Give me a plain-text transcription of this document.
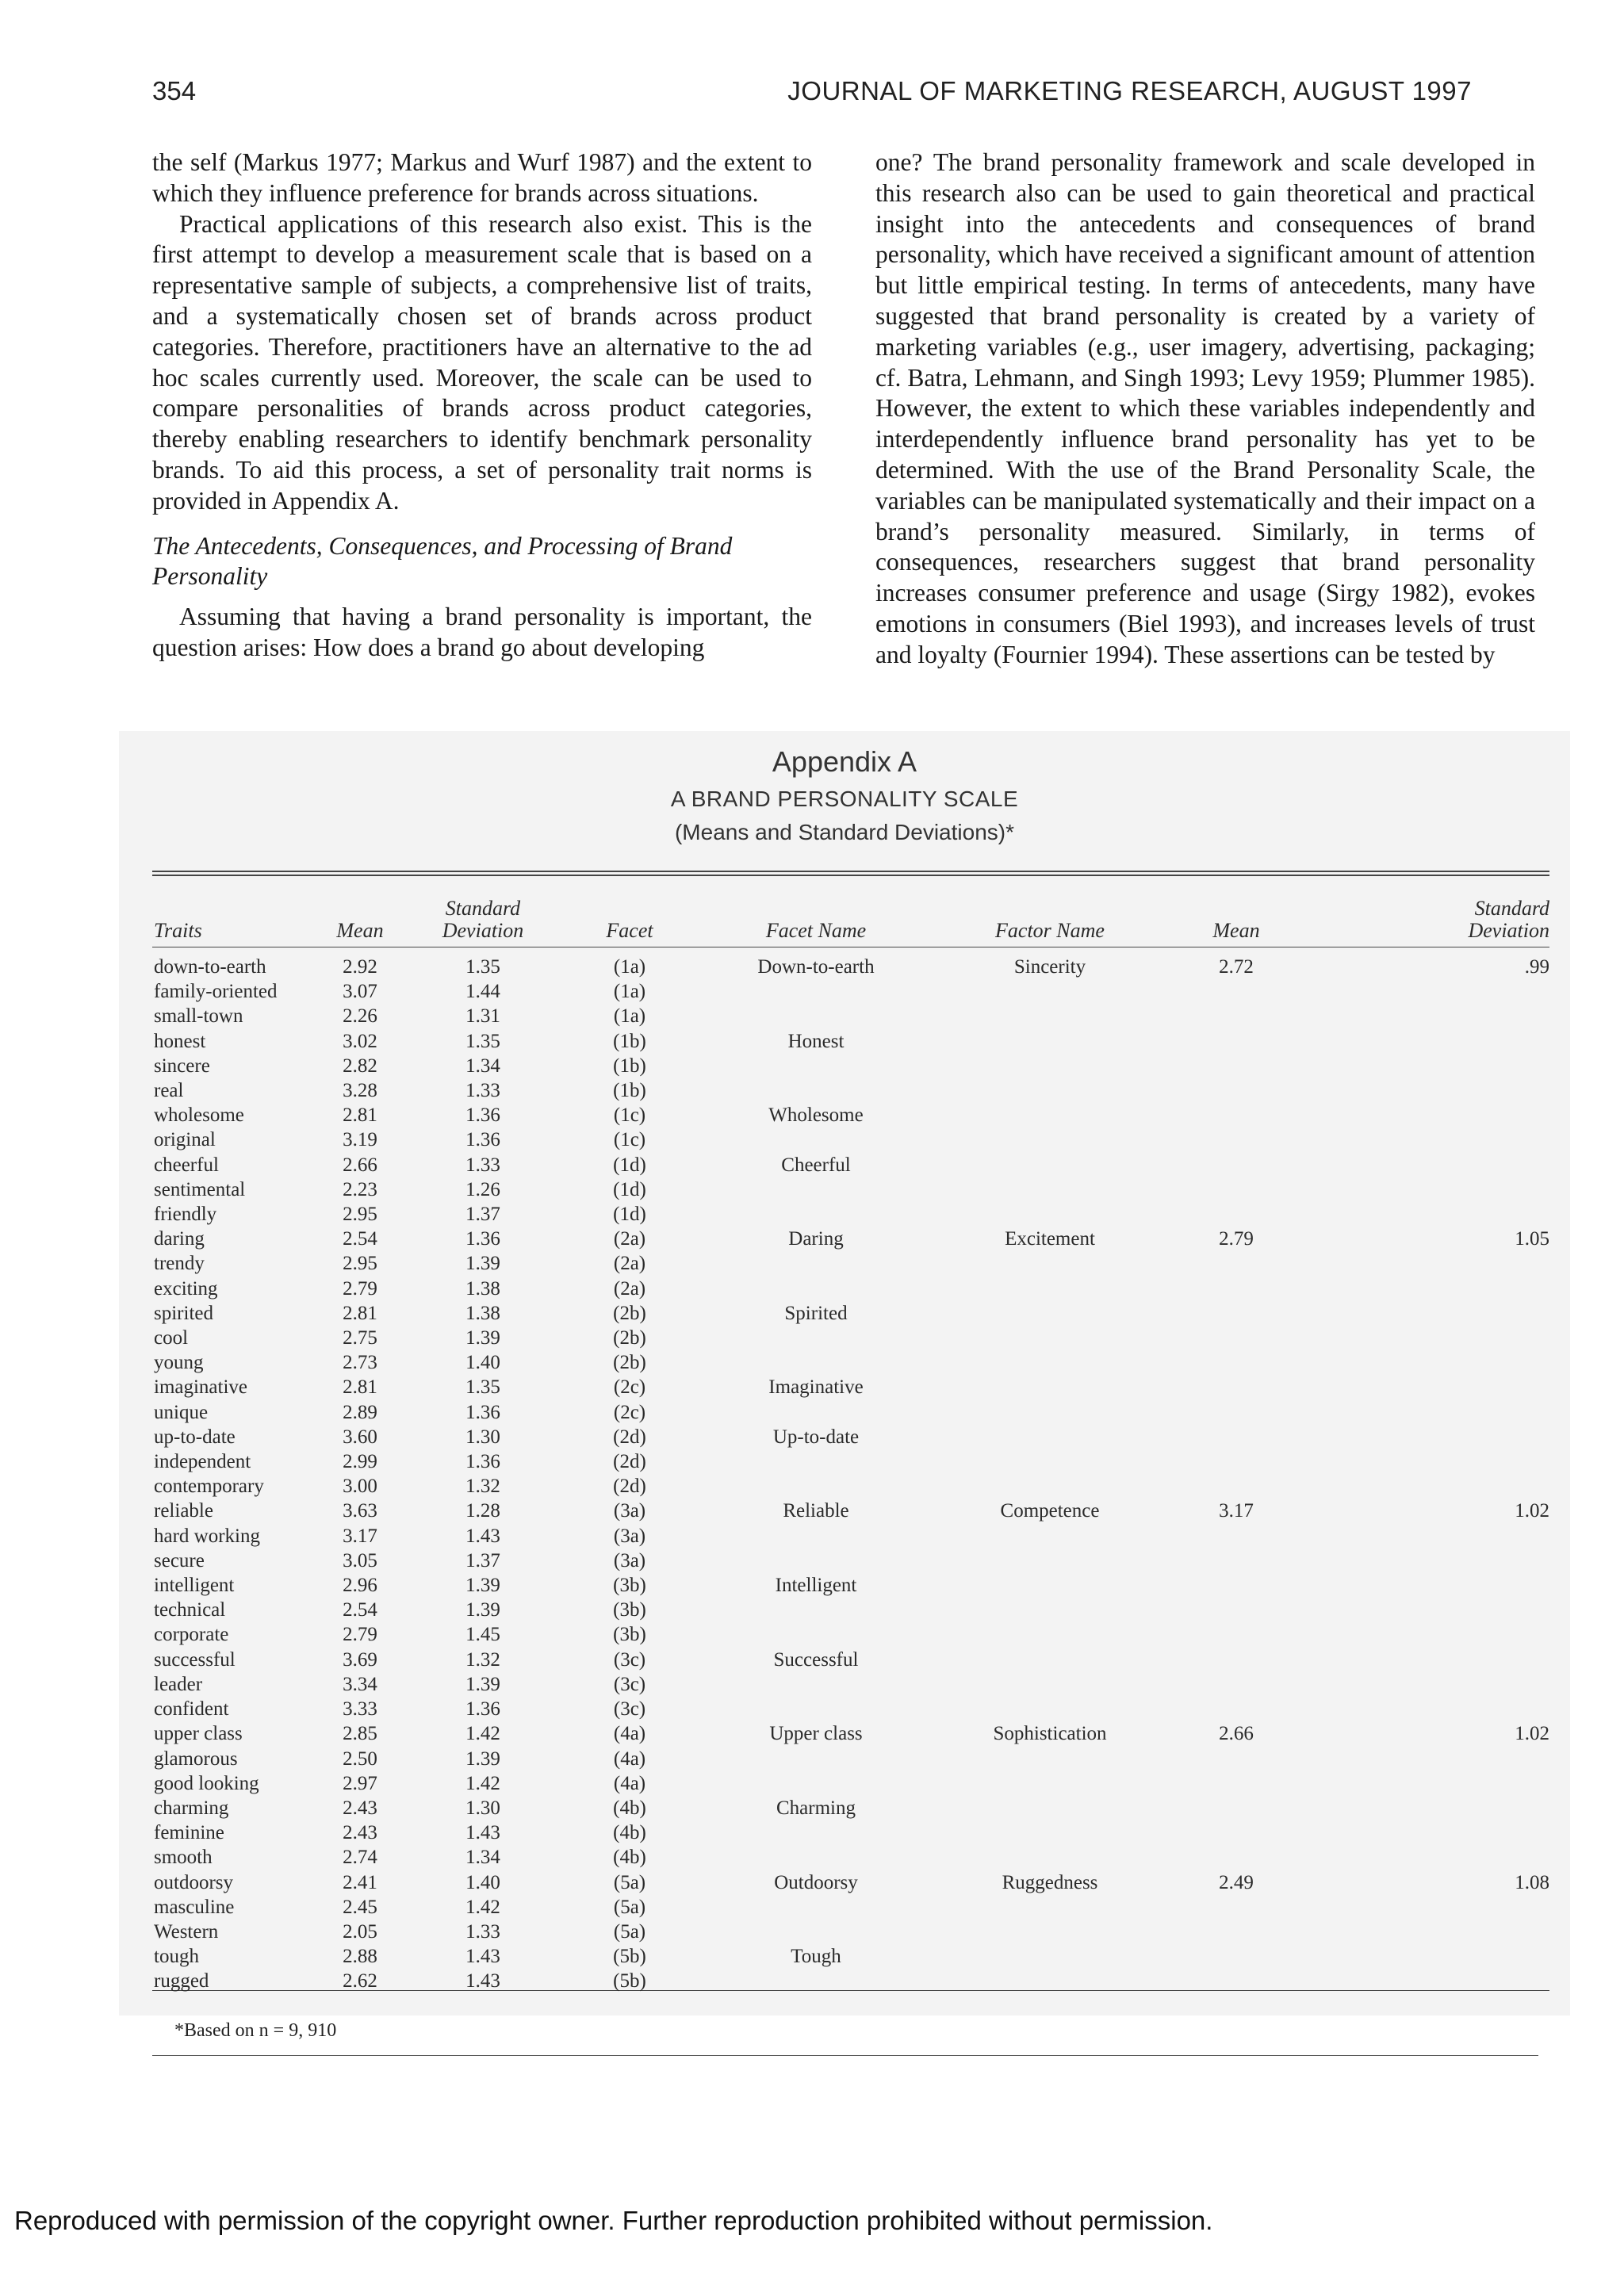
354	JOURNAL OF MARKETING RESEARCH, AUGUST 1997

the self (Markus 1977; Markus and Wurf 1987) and the extent to which they influence preference for brands across situations.

Practical applications of this research also exist. This is the first attempt to develop a measurement scale that is based on a representative sample of subjects, a comprehensive list of traits, and a systematically chosen set of brands across product categories. Therefore, practitioners have an alternative to the ad hoc scales currently used. Moreover, the scale can be used to compare personalities of brands across product categories, thereby enabling researchers to identify benchmark personality brands. To aid this process, a set of personality trait norms is provided in Appendix A.

The Antecedents, Consequences, and Processing of Brand Personality

Assuming that having a brand personality is important, the question arises: How does a brand go about developing

one? The brand personality framework and scale developed in this research also can be used to gain theoretical and practical insight into the antecedents and consequences of brand personality, which have received a significant amount of attention but little empirical testing. In terms of antecedents, many have suggested that brand personality is created by a variety of marketing variables (e.g., user imagery, advertising, packaging; cf. Batra, Lehmann, and Singh 1993; Levy 1959; Plummer 1985). However, the extent to which these variables independently and interdependently influence brand personality has yet to be determined. With the use of the Brand Personality Scale, the variables can be manipulated systematically and their impact on a brand’s personality measured. Similarly, in terms of consequences, researchers suggest that brand personality increases consumer preference and usage (Sirgy 1982), evokes emotions in consumers (Biel 1993), and increases levels of trust and loyalty (Fournier 1994). These assertions can be tested by

Appendix A
A BRAND PERSONALITY SCALE
(Means and Standard Deviations)*
Traits	Mean	Standard Deviation	Facet	Facet Name	Factor Name	Mean	Standard Deviation
down-to-earth	2.92	1.35	(1a)	Down-to-earth	Sincerity	2.72	.99
family-oriented	3.07	1.44	(1a)				
small-town	2.26	1.31	(1a)				
honest	3.02	1.35	(1b)	Honest			
sincere	2.82	1.34	(1b)				
real	3.28	1.33	(1b)				
wholesome	2.81	1.36	(1c)	Wholesome			
original	3.19	1.36	(1c)				
cheerful	2.66	1.33	(1d)	Cheerful			
sentimental	2.23	1.26	(1d)				
friendly	2.95	1.37	(1d)				
daring	2.54	1.36	(2a)	Daring	Excitement	2.79	1.05
trendy	2.95	1.39	(2a)				
exciting	2.79	1.38	(2a)				
spirited	2.81	1.38	(2b)	Spirited			
cool	2.75	1.39	(2b)				
young	2.73	1.40	(2b)				
imaginative	2.81	1.35	(2c)	Imaginative			
unique	2.89	1.36	(2c)				
up-to-date	3.60	1.30	(2d)	Up-to-date			
independent	2.99	1.36	(2d)				
contemporary	3.00	1.32	(2d)				
reliable	3.63	1.28	(3a)	Reliable	Competence	3.17	1.02
hard working	3.17	1.43	(3a)				
secure	3.05	1.37	(3a)				
intelligent	2.96	1.39	(3b)	Intelligent			
technical	2.54	1.39	(3b)				
corporate	2.79	1.45	(3b)				
successful	3.69	1.32	(3c)	Successful			
leader	3.34	1.39	(3c)				
confident	3.33	1.36	(3c)				
upper class	2.85	1.42	(4a)	Upper class	Sophistication	2.66	1.02
glamorous	2.50	1.39	(4a)				
good looking	2.97	1.42	(4a)				
charming	2.43	1.30	(4b)	Charming			
feminine	2.43	1.43	(4b)				
smooth	2.74	1.34	(4b)				
outdoorsy	2.41	1.40	(5a)	Outdoorsy	Ruggedness	2.49	1.08
masculine	2.45	1.42	(5a)				
Western	2.05	1.33	(5a)				
tough	2.88	1.43	(5b)	Tough			
rugged	2.62	1.43	(5b)				
*Based on n = 9, 910
Reproduced with permission of the copyright owner. Further reproduction prohibited without permission.
